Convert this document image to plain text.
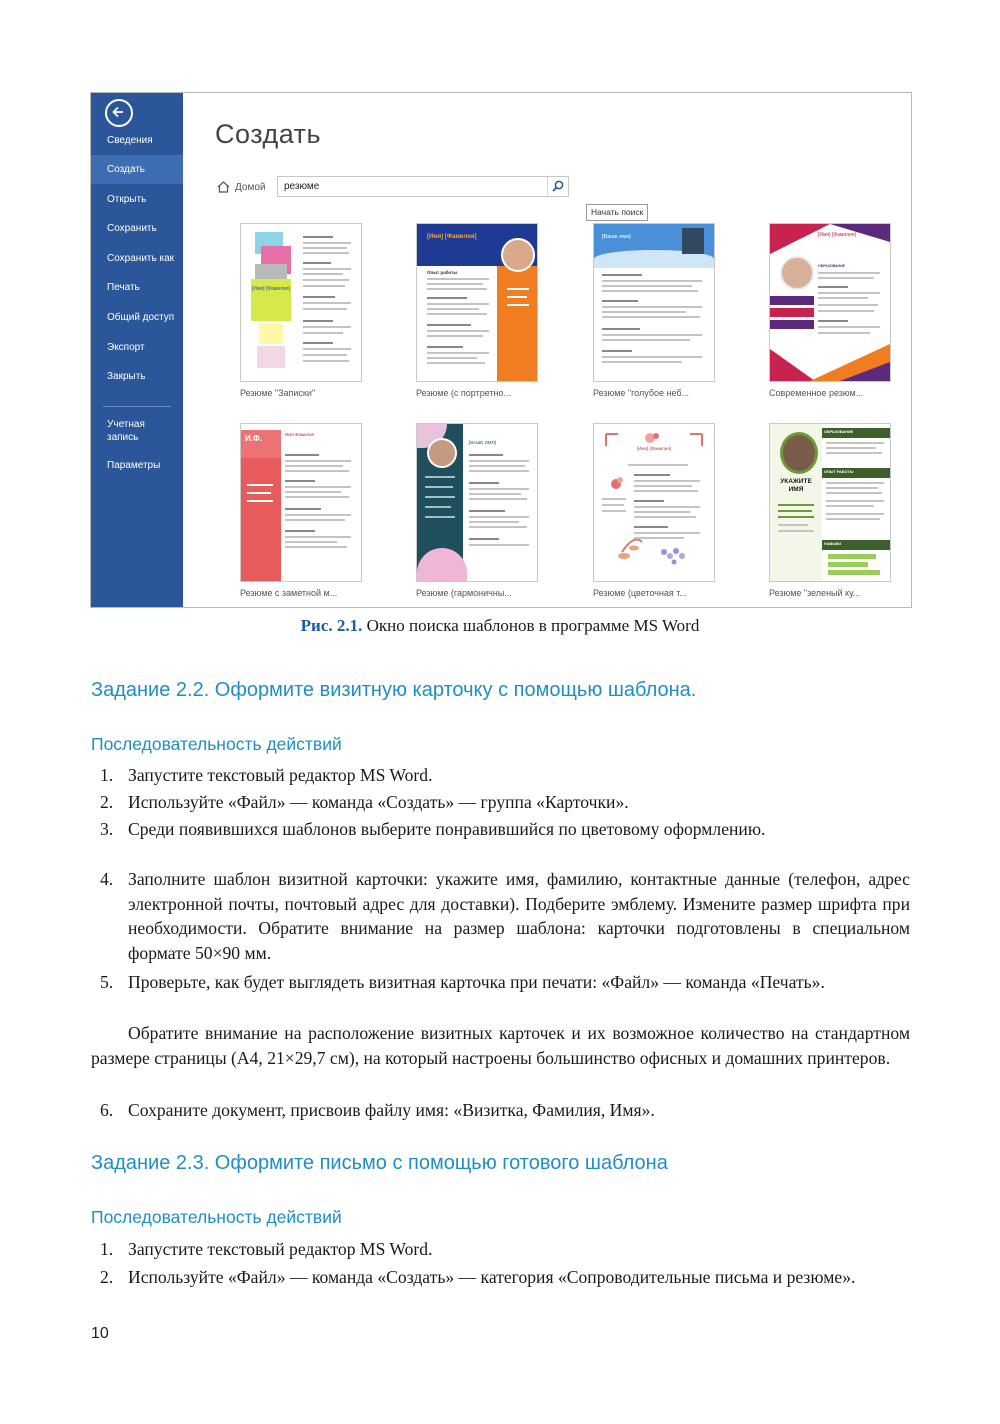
Сведения
Создать
Открыть
Сохранить
Сохранить как
Печать
Общий доступ
Экспорт
Закрыть
Учетная запись
Параметры
Создать
Домой
резюме
Начать поиск
[Имя] [Фамилия]
Резюме "Записки"
[Имя] [Фамилия]
Опыт работы
Резюме (с портретно...
[Ваше имя]
Резюме "голубое неб...
[Имя] [Фамилия]
ОБРАЗОВАНИЕ
Современное резюм...
И.Ф.	Имя Фамилия
Резюме с заметной м...
[ВАШЕ ИМЯ]
Резюме (гармоничны...
[Имя] [Фамилия]
Резюме (цветочная т...
УКАЖИТЕ ИМЯ
ОБРАЗОВАНИЕ
ОПЫТ РАБОТЫ
НАВЫКИ
Резюме "зеленый ку...
Рис. 2.1. Окно поиска шаблонов в программе MS Word
Задание 2.2. Оформите визитную карточку с помощью шаблона.
Последовательность действий
1. Запустите текстовый редактор MS Word.
2. Используйте «Файл» — команда «Создать» — группа «Карточки».
3. Среди появившихся шаблонов выберите понравившийся по цветовому оформлению.
4. Заполните шаблон визитной карточки: укажите имя, фамилию, контактные данные (телефон, адрес электронной почты, почтовый адрес для доставки). Подберите эмблему. Измените размер шрифта при необходимости. Обратите внимание на размер шаблона: карточки подготовлены в специальном формате 50×90 мм.
5. Проверьте, как будет выглядеть визитная карточка при печати: «Файл» — команда «Печать».
Обратите внимание на расположение визитных карточек и их возможное количество на стандартном размере страницы (А4, 21×29,7 см), на который настроены большинство офисных и домашних принтеров.
6. Сохраните документ, присвоив файлу имя: «Визитка, Фамилия, Имя».
Задание 2.3. Оформите письмо с помощью готового шаблона
Последовательность действий
1. Запустите текстовый редактор MS Word.
2. Используйте «Файл» — команда «Создать» — категория «Сопроводительные письма и резюме».
10
